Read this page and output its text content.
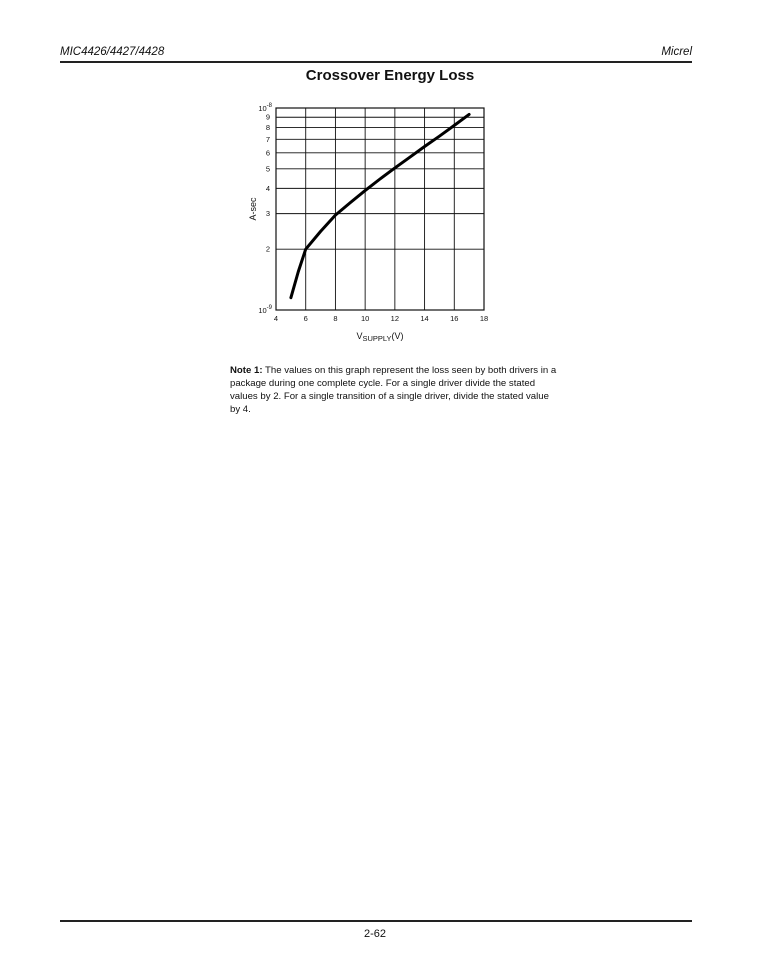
MIC4426/4427/4428	Micrel
Crossover Energy Loss
4	6	8	10	12	14	16	18
2
3
4
5
6
7
8
9
A-sec
$V_{SUPPLY}(V)$
$10^{-8}$
$10^{-9}$
Note 1: The values on this graph represent the loss seen by both drivers in a package during one complete cycle. For a single driver divide the stated values by 2. For a single transition of a single driver, divide the stated value by 4.
2-62
